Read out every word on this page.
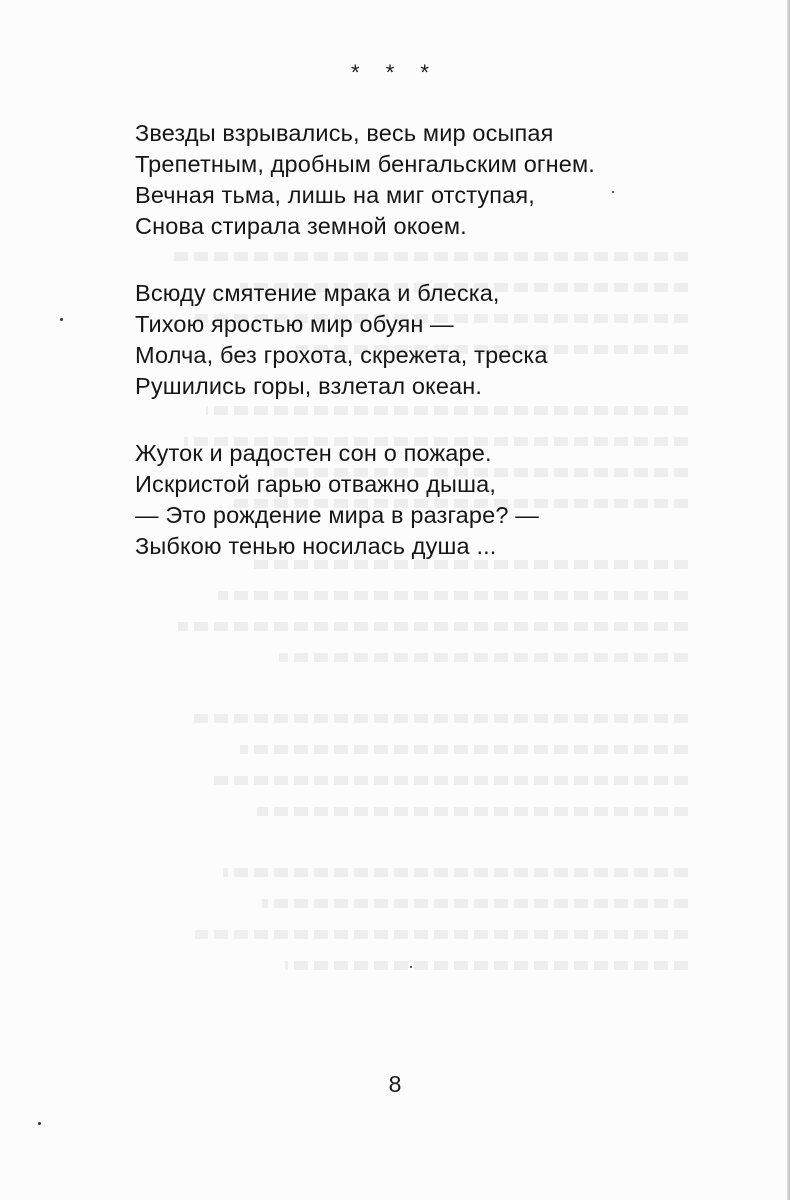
* * *
Звезды взрывались, весь мир осыпая
Трепетным, дробным бенгальским огнем.
Вечная тьма, лишь на миг отступая,
Снова стирала земной окоем.
Всюду смятение мрака и блеска,
Тихою яростью мир обуян —
Молча, без грохота, скрежета, треска
Рушились горы, взлетал океан.
Жуток и радостен сон о пожаре.
Искристой гарью отважно дыша,
— Это рождение мира в разгаре? —
Зыбкою тенью носилась душа ...
8
